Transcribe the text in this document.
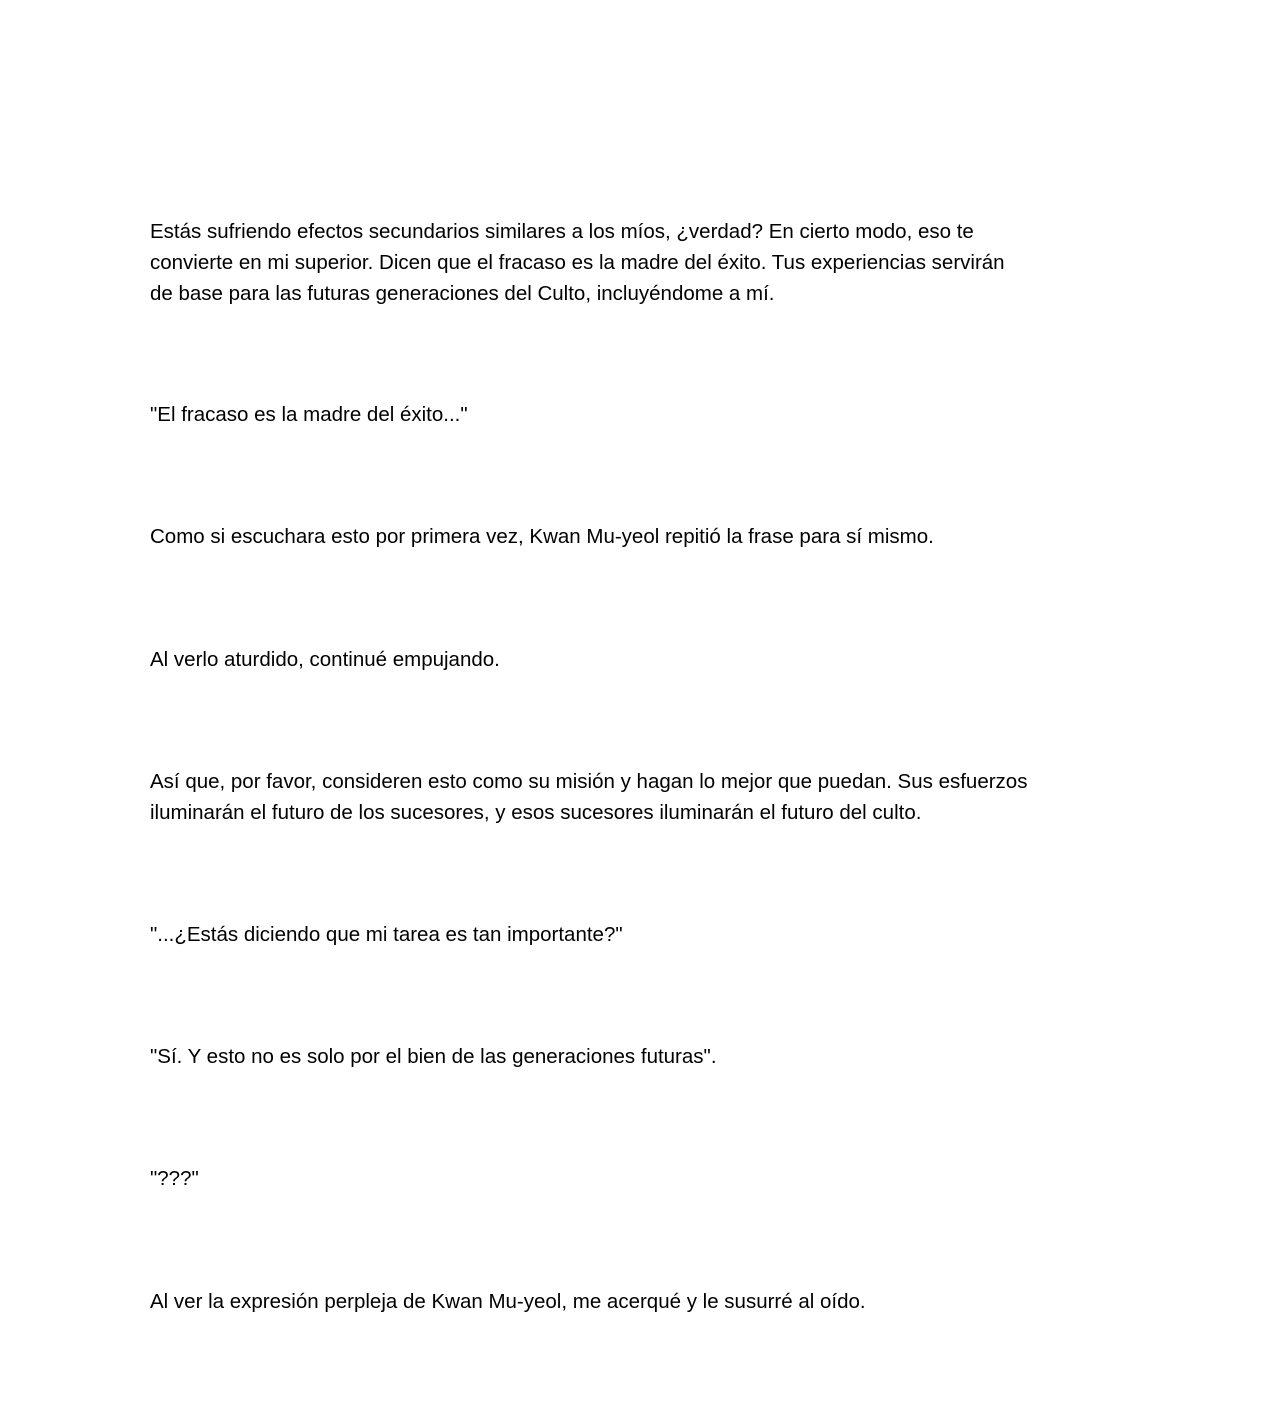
Estás sufriendo efectos secundarios similares a los míos, ¿verdad? En cierto modo, eso te
convierte en mi superior. Dicen que el fracaso es la madre del éxito. Tus experiencias servirán
de base para las futuras generaciones del Culto, incluyéndome a mí.

"El fracaso es la madre del éxito..."

Como si escuchara esto por primera vez, Kwan Mu-yeol repitió la frase para sí mismo.

Al verlo aturdido, continué empujando.

Así que, por favor, consideren esto como su misión y hagan lo mejor que puedan. Sus esfuerzos
iluminarán el futuro de los sucesores, y esos sucesores iluminarán el futuro del culto.

"...¿Estás diciendo que mi tarea es tan importante?"

"Sí. Y esto no es solo por el bien de las generaciones futuras".

"???"

Al ver la expresión perpleja de Kwan Mu-yeol, me acerqué y le susurré al oído.
